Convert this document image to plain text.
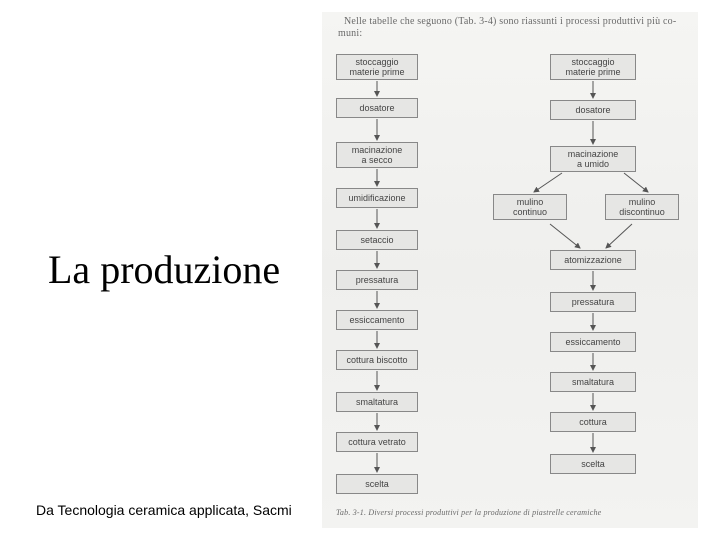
La produzione
Da Tecnologia ceramica applicata, Sacmi
Nelle tabelle che seguono (Tab. 3-4) sono riassunti i processi produttivi più co-
muni:
stoccaggio
materie prime
dosatore
macinazione
a secco
umidificazione
setaccio
pressatura
essiccamento
cottura biscotto
smaltatura
cottura vetrato
scelta
stoccaggio
materie prime
dosatore
macinazione
a umido
mulino
continuo
mulino
discontinuo
atomizzazione
pressatura
essiccamento
smaltatura
cottura
scelta
Tab. 3-1. Diversi processi produttivi per la produzione di piastrelle ceramiche
